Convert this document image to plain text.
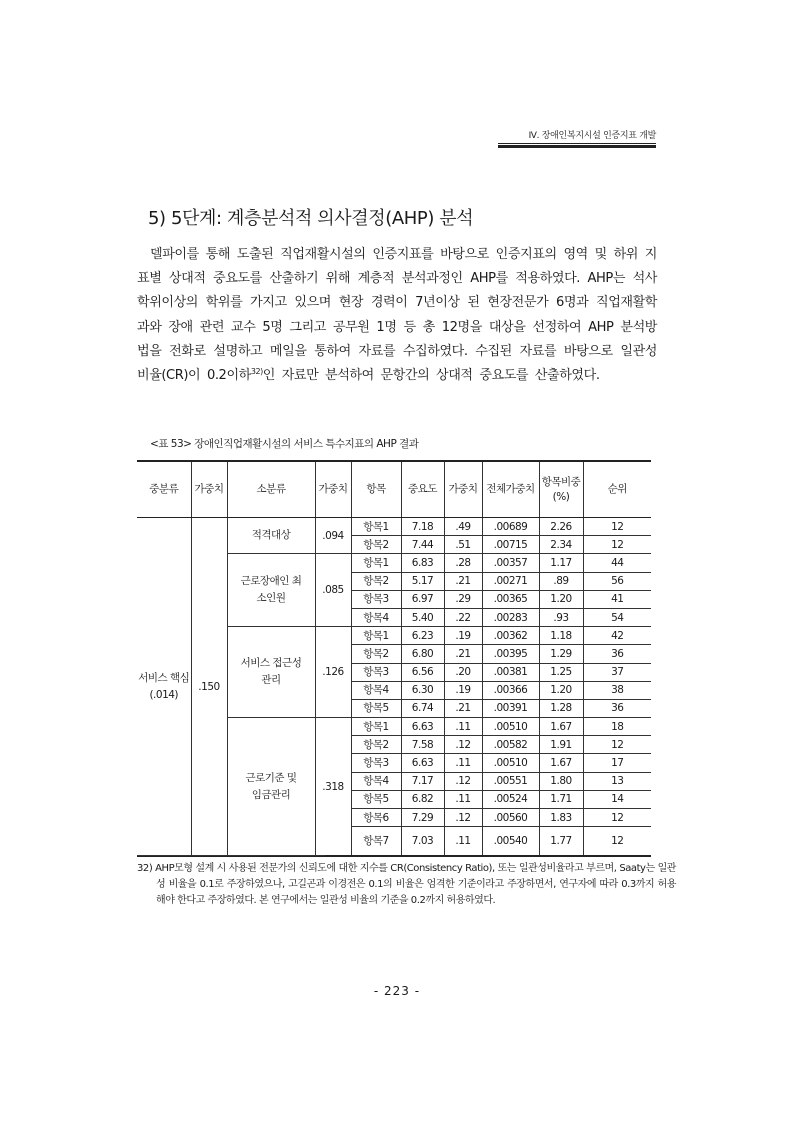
Ⅳ. 장애인복지시설 인증지표 개발
5) 5단계: 계층분석적 의사결정(AHP) 분석

델파이를 통해 도출된 직업재활시설의 인증지표를 바탕으로 인증지표의 영역 및 하위 지표별 상대적 중요도를 산출하기 위해 계층적 분석과정인 AHP를 적용하였다. AHP는 석사학위이상의 학위를 가지고 있으며 현장 경력이 7년이상 된 현장전문가 6명과 직업재활학과와 장애 관련 교수 5명 그리고 공무원 1명 등 총 12명을 대상을 선정하여 AHP 분석방법을 전화로 설명하고 메일을 통하여 자료를 수집하였다. 수집된 자료를 바탕으로 일관성 비율(CR)이 0.2이하$^{32)}$인 자료만 분석하여 문항간의 상대적 중요도를 산출하였다.

<표 53> 장애인직업재활시설의 서비스 특수지표의 AHP 결과
중분류	가중치	소분류	가중치	항목	중요도	가중치	전체가중치	항목비중(%)	순위
서비스 핵심 (.014)	.150	적격대상	.094	항목1	7.18	.49	.00689	2.26	12
				항목2	7.44	.51	.00715	2.34	12
		근로장애인 최소인원	.085	항목1	6.83	.28	.00357	1.17	44
				항목2	5.17	.21	.00271	.89	56
				항목3	6.97	.29	.00365	1.20	41
				항목4	5.40	.22	.00283	.93	54
		서비스 접근성 관리	.126	항목1	6.23	.19	.00362	1.18	42
				항목2	6.80	.21	.00395	1.29	36
				항목3	6.56	.20	.00381	1.25	37
				항목4	6.30	.19	.00366	1.20	38
				항목5	6.74	.21	.00391	1.28	36
		근로기준 및 임금관리	.318	항목1	6.63	.11	.00510	1.67	18
				항목2	7.58	.12	.00582	1.91	12
				항목3	6.63	.11	.00510	1.67	17
				항목4	7.17	.12	.00551	1.80	13
				항목5	6.82	.11	.00524	1.71	14
				항목6	7.29	.12	.00560	1.83	12
				항목7	7.03	.11	.00540	1.77	12

32) AHP모형 설계 시 사용된 전문가의 신뢰도에 대한 지수를 CR(Consistency Ratio), 또는 일관성비율라고 부르며, Saaty는 일관성 비율을 0.1로 주장하였으나, 고길곤과 이경전은 0.1의 비율은 엄격한 기준이라고 주장하면서, 연구자에 따라 0.3까지 허용해야 한다고 주장하였다. 본 연구에서는 일관성 비율의 기준을 0.2까지 허용하였다.

- 223 -
